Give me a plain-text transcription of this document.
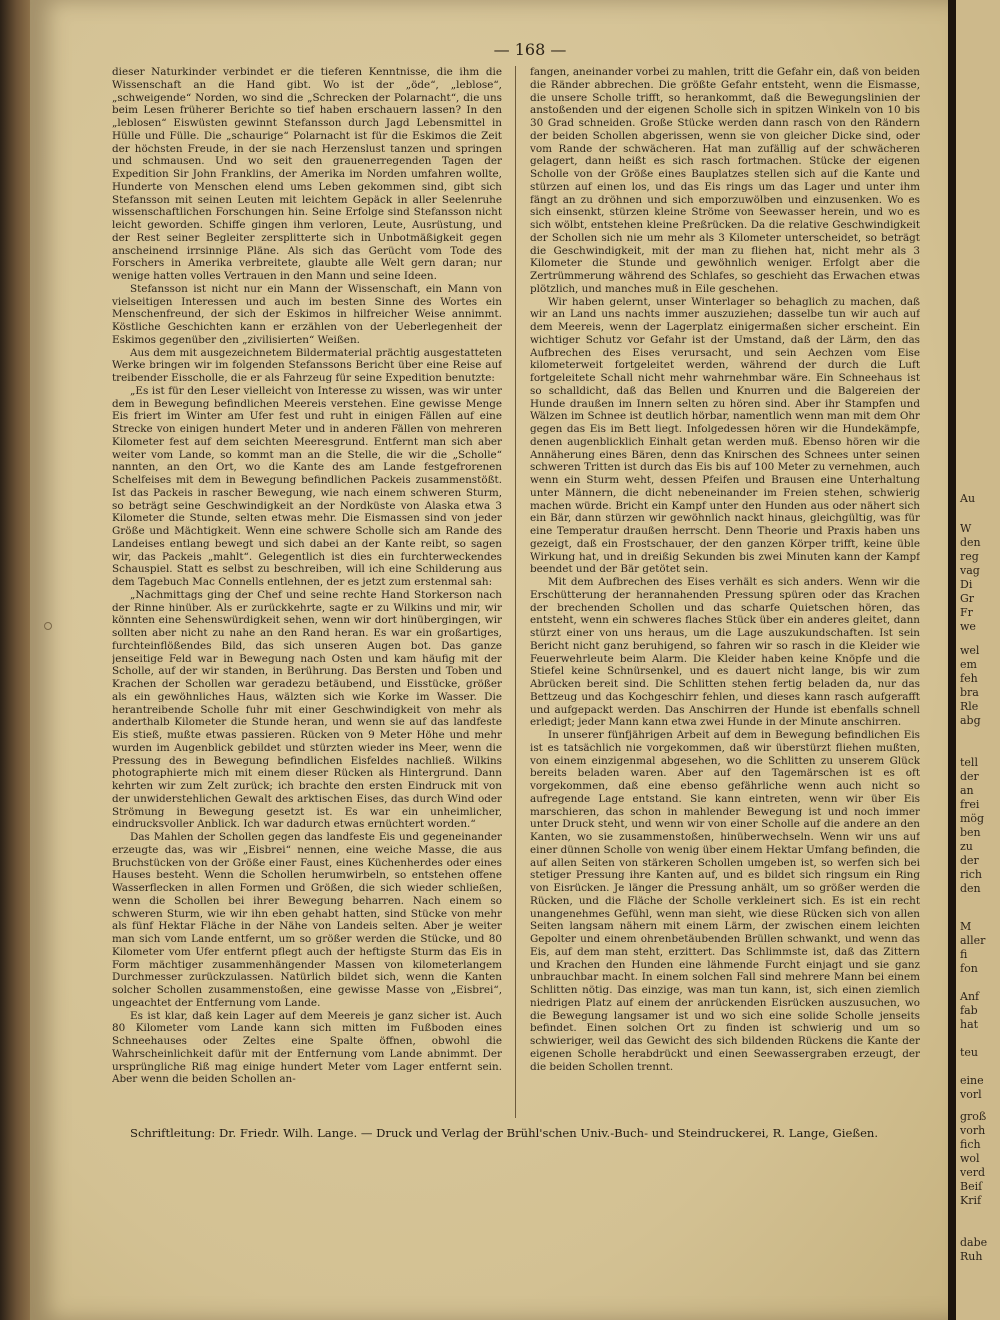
— 168 —

dieser Naturkinder verbindet er die tieferen Kenntnisse, die ihm die Wissenschaft an die Hand gibt. Wo ist der „öde“, „leblose“, „schweigende“ Norden, wo sind die „Schrecken der Polarnacht“, die uns beim Lesen früherer Berichte so tief haben erschauern lassen? In den „leblosen“ Eiswüsten gewinnt Stefansson durch Jagd Lebensmittel in Hülle und Fülle. Die „schaurige“ Polarnacht ist für die Eskimos die Zeit der höchsten Freude, in der sie nach Herzenslust tanzen und springen und schmausen. Und wo seit den grauenerregenden Tagen der Expedition Sir John Franklins, der Amerika im Norden umfahren wollte, Hunderte von Menschen elend ums Leben gekommen sind, gibt sich Stefansson mit seinen Leuten mit leichtem Gepäck in aller Seelenruhe wissenschaftlichen Forschungen hin. Seine Erfolge sind Stefansson nicht leicht geworden. Schiffe gingen ihm verloren, Leute, Ausrüstung, und der Rest seiner Begleiter zersplitterte sich in Unbotmäßigkeit gegen anscheinend irrsinnige Pläne. Als sich das Gerücht vom Tode des Forschers in Amerika verbreitete, glaubte alle Welt gern daran; nur wenige hatten volles Vertrauen in den Mann und seine Ideen.

Stefansson ist nicht nur ein Mann der Wissenschaft, ein Mann von vielseitigen Interessen und auch im besten Sinne des Wortes ein Menschenfreund, der sich der Eskimos in hilfreicher Weise annimmt. Köstliche Geschichten kann er erzählen von der Ueberlegenheit der Eskimos gegenüber den „zivilisierten“ Weißen.

Aus dem mit ausgezeichnetem Bildermaterial prächtig ausgestatteten Werke bringen wir im folgenden Stefanssons Bericht über eine Reise auf treibender Eisscholle, die er als Fahrzeug für seine Expedition benutzte:

„Es ist für den Leser vielleicht von Interesse zu wissen, was wir unter dem in Bewegung befindlichen Meereis verstehen. Eine gewisse Menge Eis friert im Winter am Ufer fest und ruht in einigen Fällen auf eine Strecke von einigen hundert Meter und in anderen Fällen von mehreren Kilometer fest auf dem seichten Meeresgrund. Entfernt man sich aber weiter vom Lande, so kommt man an die Stelle, die wir die „Scholle“ nannten, an den Ort, wo die Kante des am Lande festgefrorenen Schelfeises mit dem in Bewegung befindlichen Packeis zusammenstößt. Ist das Packeis in rascher Bewegung, wie nach einem schweren Sturm, so beträgt seine Geschwindigkeit an der Nordküste von Alaska etwa 3 Kilometer die Stunde, selten etwas mehr. Die Eismassen sind von jeder Größe und Mächtigkeit. Wenn eine schwere Scholle sich am Rande des Landeises entlang bewegt und sich dabei an der Kante reibt, so sagen wir, das Packeis „mahlt“. Gelegentlich ist dies ein furchterweckendes Schauspiel. Statt es selbst zu beschreiben, will ich eine Schilderung aus dem Tagebuch Mac Connells entlehnen, der es jetzt zum erstenmal sah:

„Nachmittags ging der Chef und seine rechte Hand Storkerson nach der Rinne hinüber. Als er zurückkehrte, sagte er zu Wilkins und mir, wir könnten eine Sehenswürdigkeit sehen, wenn wir dort hinübergingen, wir sollten aber nicht zu nahe an den Rand heran. Es war ein großartiges, furchteinflößendes Bild, das sich unseren Augen bot. Das ganze jenseitige Feld war in Bewegung nach Osten und kam häufig mit der Scholle, auf der wir standen, in Berührung. Das Bersten und Toben und Krachen der Schollen war geradezu betäubend, und Eisstücke, größer als ein gewöhnliches Haus, wälzten sich wie Korke im Wasser. Die herantreibende Scholle fuhr mit einer Geschwindigkeit von mehr als anderthalb Kilometer die Stunde heran, und wenn sie auf das landfeste Eis stieß, mußte etwas passieren. Rücken von 9 Meter Höhe und mehr wurden im Augenblick gebildet und stürzten wieder ins Meer, wenn die Pressung des in Bewegung befindlichen Eisfeldes nachließ. Wilkins photographierte mich mit einem dieser Rücken als Hintergrund. Dann kehrten wir zum Zelt zurück; ich brachte den ersten Eindruck mit von der unwiderstehlichen Gewalt des arktischen Eises, das durch Wind oder Strömung in Bewegung gesetzt ist. Es war ein unheimlicher, eindrucksvoller Anblick. Ich war dadurch etwas ernüchtert worden.“

Das Mahlen der Schollen gegen das landfeste Eis und gegeneinander erzeugte das, was wir „Eisbrei“ nennen, eine weiche Masse, die aus Bruchstücken von der Größe einer Faust, eines Küchenherdes oder eines Hauses besteht. Wenn die Schollen herumwirbeln, so entstehen offene Wasserflecken in allen Formen und Größen, die sich wieder schließen, wenn die Schollen bei ihrer Bewegung beharren. Nach einem so schweren Sturm, wie wir ihn eben gehabt hatten, sind Stücke von mehr als fünf Hektar Fläche in der Nähe von Landeis selten. Aber je weiter man sich vom Lande entfernt, um so größer werden die Stücke, und 80 Kilometer vom Ufer entfernt pflegt auch der heftigste Sturm das Eis in Form mächtiger zusammenhängender Massen von kilometerlangem Durchmesser zurückzulassen. Natürlich bildet sich, wenn die Kanten solcher Schollen zusammenstoßen, eine gewisse Masse von „Eisbrei“, ungeachtet der Entfernung vom Lande.

Es ist klar, daß kein Lager auf dem Meereis je ganz sicher ist. Auch 80 Kilometer vom Lande kann sich mitten im Fußboden eines Schneehauses oder Zeltes eine Spalte öffnen, obwohl die Wahrscheinlichkeit dafür mit der Entfernung vom Lande abnimmt. Der ursprüngliche Riß mag einige hundert Meter vom Lager entfernt sein. Aber wenn die beiden Schollen an-

fangen, aneinander vorbei zu mahlen, tritt die Gefahr ein, daß von beiden die Ränder abbrechen. Die größte Gefahr entsteht, wenn die Eismasse, die unsere Scholle trifft, so herankommt, daß die Bewegungslinien der anstoßenden und der eigenen Scholle sich in spitzen Winkeln von 10 bis 30 Grad schneiden. Große Stücke werden dann rasch von den Rändern der beiden Schollen abgerissen, wenn sie von gleicher Dicke sind, oder vom Rande der schwächeren. Hat man zufällig auf der schwächeren gelagert, dann heißt es sich rasch fortmachen. Stücke der eigenen Scholle von der Größe eines Bauplatzes stellen sich auf die Kante und stürzen auf einen los, und das Eis rings um das Lager und unter ihm fängt an zu dröhnen und sich emporzuwölben und einzusenken. Wo es sich einsenkt, stürzen kleine Ströme von Seewasser herein, und wo es sich wölbt, entstehen kleine Preßrücken. Da die relative Geschwindigkeit der Schollen sich nie um mehr als 3 Kilometer unterscheidet, so beträgt die Geschwindigkeit, mit der man zu fliehen hat, nicht mehr als 3 Kilometer die Stunde und gewöhnlich weniger. Erfolgt aber die Zertrümmerung während des Schlafes, so geschieht das Erwachen etwas plötzlich, und manches muß in Eile geschehen.

Wir haben gelernt, unser Winterlager so behaglich zu machen, daß wir an Land uns nachts immer auszuziehen; dasselbe tun wir auch auf dem Meereis, wenn der Lagerplatz einigermaßen sicher erscheint. Ein wichtiger Schutz vor Gefahr ist der Umstand, daß der Lärm, den das Aufbrechen des Eises verursacht, und sein Aechzen vom Eise kilometerweit fortgeleitet werden, während der durch die Luft fortgeleitete Schall nicht mehr wahrnehmbar wäre. Ein Schneehaus ist so schalldicht, daß das Bellen und Knurren und die Balgereien der Hunde draußen im Innern selten zu hören sind. Aber ihr Stampfen und Wälzen im Schnee ist deutlich hörbar, namentlich wenn man mit dem Ohr gegen das Eis im Bett liegt. Infolgedessen hören wir die Hundekämpfe, denen augenblicklich Einhalt getan werden muß. Ebenso hören wir die Annäherung eines Bären, denn das Knirschen des Schnees unter seinen schweren Tritten ist durch das Eis bis auf 100 Meter zu vernehmen, auch wenn ein Sturm weht, dessen Pfeifen und Brausen eine Unterhaltung unter Männern, die dicht nebeneinander im Freien stehen, schwierig machen würde. Bricht ein Kampf unter den Hunden aus oder nähert sich ein Bär, dann stürzen wir gewöhnlich nackt hinaus, gleichgültig, was für eine Temperatur draußen herrscht. Denn Theorie und Praxis haben uns gezeigt, daß ein Frostschauer, der den ganzen Körper trifft, keine üble Wirkung hat, und in dreißig Sekunden bis zwei Minuten kann der Kampf beendet und der Bär getötet sein.

Mit dem Aufbrechen des Eises verhält es sich anders. Wenn wir die Erschütterung der herannahenden Pressung spüren oder das Krachen der brechenden Schollen und das scharfe Quietschen hören, das entsteht, wenn ein schweres flaches Stück über ein anderes gleitet, dann stürzt einer von uns heraus, um die Lage auszukundschaften. Ist sein Bericht nicht ganz beruhigend, so fahren wir so rasch in die Kleider wie Feuerwehrleute beim Alarm. Die Kleider haben keine Knöpfe und die Stiefel keine Schnürsenkel, und es dauert nicht lange, bis wir zum Abrücken bereit sind. Die Schlitten stehen fertig beladen da, nur das Bettzeug und das Kochgeschirr fehlen, und dieses kann rasch aufgerafft und aufgepackt werden. Das Anschirren der Hunde ist ebenfalls schnell erledigt; jeder Mann kann etwa zwei Hunde in der Minute anschirren.

In unserer fünfjährigen Arbeit auf dem in Bewegung befindlichen Eis ist es tatsächlich nie vorgekommen, daß wir überstürzt fliehen mußten, von einem einzigenmal abgesehen, wo die Schlitten zu unserem Glück bereits beladen waren. Aber auf den Tagemärschen ist es oft vorgekommen, daß eine ebenso gefährliche wenn auch nicht so aufregende Lage entstand. Sie kann eintreten, wenn wir über Eis marschieren, das schon in mahlender Bewegung ist und noch immer unter Druck steht, und wenn wir von einer Scholle auf die andere an den Kanten, wo sie zusammenstoßen, hinüberwechseln. Wenn wir uns auf einer dünnen Scholle von wenig über einem Hektar Umfang befinden, die auf allen Seiten von stärkeren Schollen umgeben ist, so werfen sich bei stetiger Pressung ihre Kanten auf, und es bildet sich ringsum ein Ring von Eisrücken. Je länger die Pressung anhält, um so größer werden die Rücken, und die Fläche der Scholle verkleinert sich. Es ist ein recht unangenehmes Gefühl, wenn man sieht, wie diese Rücken sich von allen Seiten langsam nähern mit einem Lärm, der zwischen einem leichten Gepolter und einem ohrenbetäubenden Brüllen schwankt, und wenn das Eis, auf dem man steht, erzittert. Das Schlimmste ist, daß das Zittern und Krachen den Hunden eine lähmende Furcht einjagt und sie ganz unbrauchbar macht. In einem solchen Fall sind mehrere Mann bei einem Schlitten nötig. Das einzige, was man tun kann, ist, sich einen ziemlich niedrigen Platz auf einem der anrückenden Eisrücken auszusuchen, wo die Bewegung langsamer ist und wo sich eine solide Scholle jenseits befindet. Einen solchen Ort zu finden ist schwierig und um so schwieriger, weil das Gewicht des sich bildenden Rückens die Kante der eigenen Scholle herabdrückt und einen Seewassergraben erzeugt, der die beiden Schollen trennt.

Schriftleitung: Dr. Friedr. Wilh. Lange. — Druck und Verlag der Brühl'schen Univ.-Buch- und Steindruckerei, R. Lange, Gießen.
Au
W
den
reg
vag
Di
Gr
Fr
we
wel
em
feh
bra
Rle
abg
tell
der
an
frei
mög
ben
zu
der
rich
den
M
aller
fi
fon
Anf
fab
hat
teu
eine
vorl
groß
vorh
fich
wol
verd
Beiſ
Krif
dabe
Ruh
